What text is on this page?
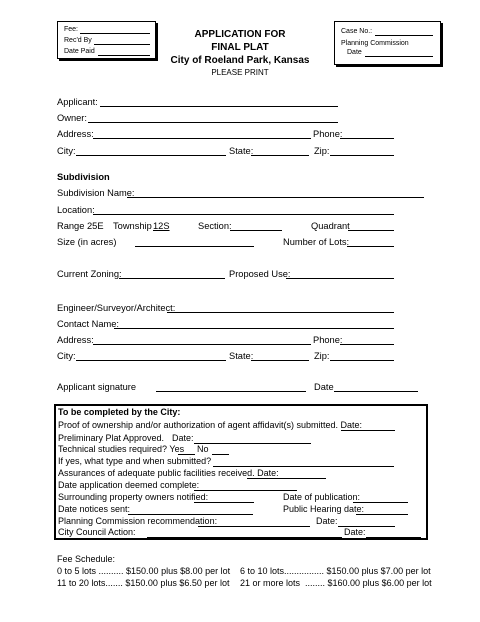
Fee:
Rec'd By
Date Paid
APPLICATION FOR
FINAL PLAT
City of Roeland Park, Kansas
PLEASE PRINT
Case No.:
Planning Commission
Date
Applicant:
Owner:
Address:	Phone:
City:	State:	Zip:
Subdivision
Subdivision Name:
Location:
Range 25E Township 12S	Section:	Quadrant
Size (in acres)	Number of Lots:
Current Zoning:	Proposed Use:
Engineer/Surveyor/Architect:
Contact Name:
Address:	Phone:
City:	State:	Zip:
Applicant signature	Date
To be completed by the City:
Proof of ownership and/or authorization of agent affidavit(s) submitted. Date:
Preliminary Plat Approved. Date:
Technical studies required? Yes No
If yes, what type and when submitted?
Assurances of adequate public facilities received. Date:
Date application deemed complete:
Surrounding property owners notified:	Date of publication:
Date notices sent:	Public Hearing date:
Planning Commission recommendation:	Date:
City Council Action:	Date:
Fee Schedule:
0 to 5 lots .......... $150.00 plus $8.00 per lot 6 to 10 lots................ $150.00 plus $7.00 per lot
11 to 20 lots....... $150.00 plus $6.50 per lot 21 or more lots  ........ $160.00 plus $6.00 per lot
